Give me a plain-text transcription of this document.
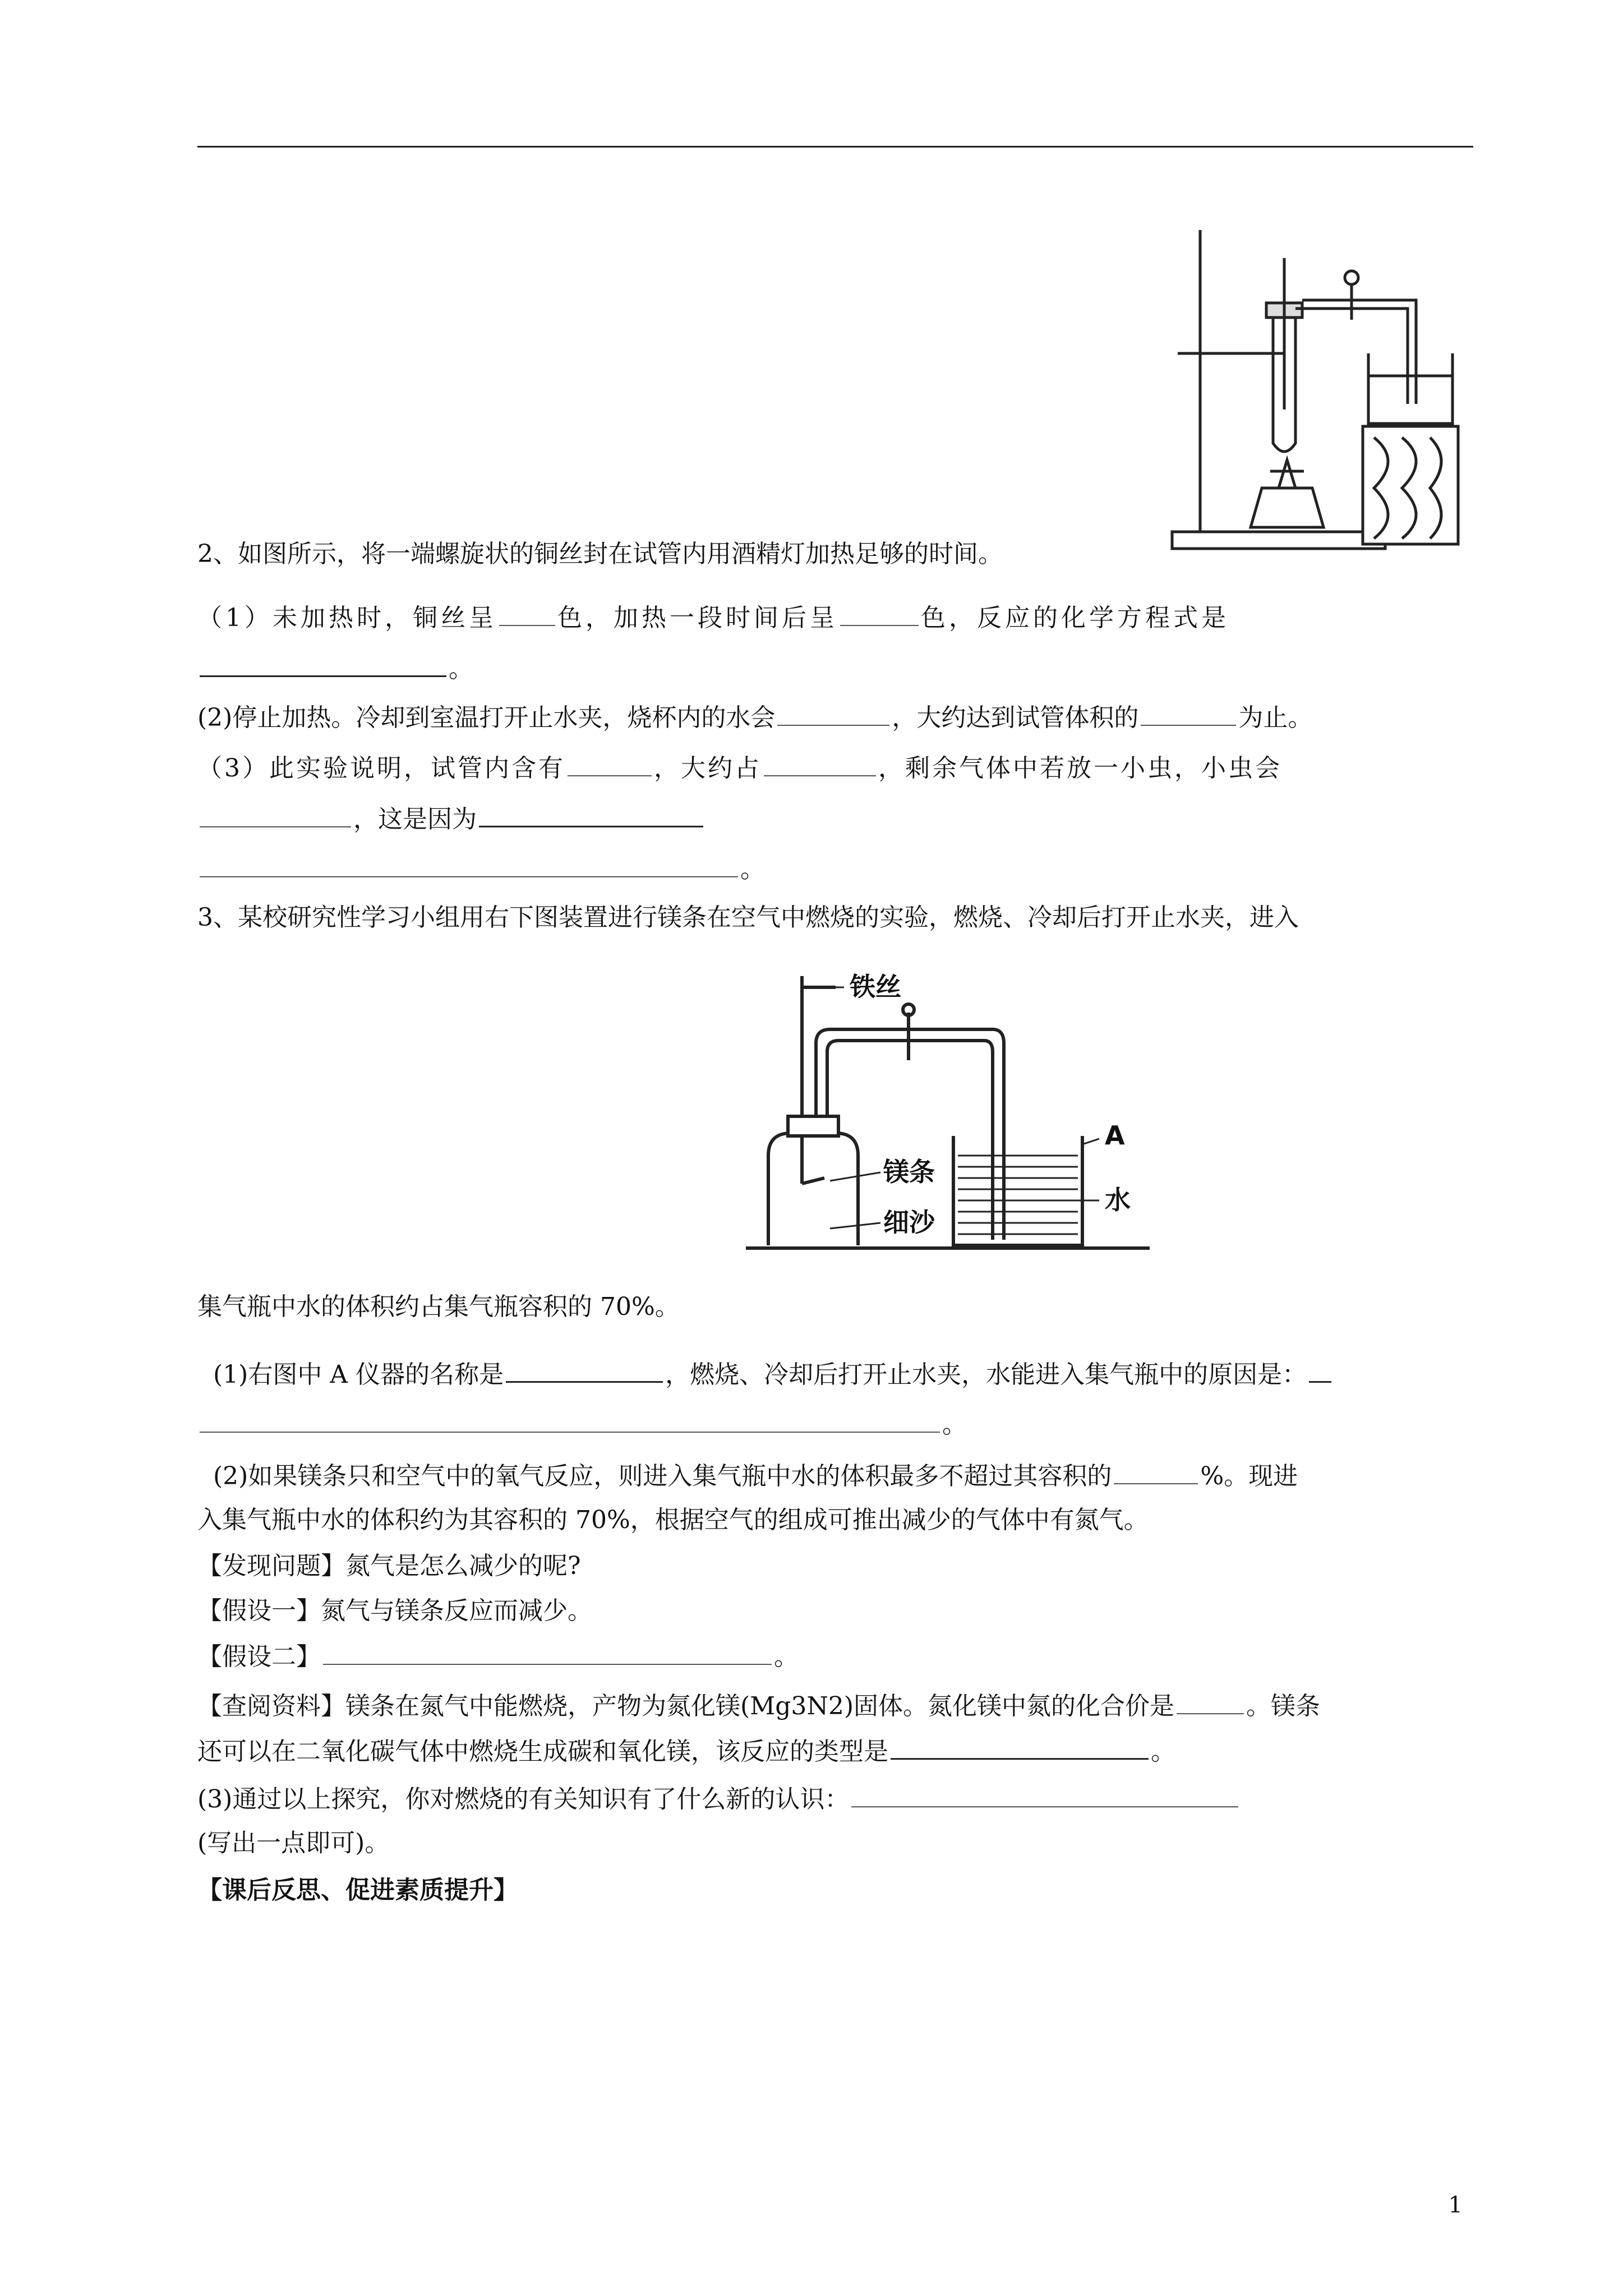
2、如图所示，将一端螺旋状的铜丝封在试管内用酒精灯加热足够的时间。
（1）未加热时，铜丝呈 色，加热一段时间后呈	色，反应的化学方程式是
。
(2)停止加热。冷却到室温打开止水夹，烧杯内的水会	，大约达到试管体积的	为止。
（3）此实验说明，试管内含有	，大约占	，剩余气体中若放一小虫，小虫会
，这是因为
。
3、某校研究性学习小组用右下图装置进行镁条在空气中燃烧的实验，燃烧、冷却后打开止水夹，进入
铁丝
A
水
镁条
细沙
集气瓶中水的体积约占集气瓶容积的 70%。
(1)右图中 A 仪器的名称是	，燃烧、冷却后打开止水夹，水能进入集气瓶中的原因是：
。
(2)如果镁条只和空气中的氧气反应，则进入集气瓶中水的体积最多不超过其容积的	%。现进
入集气瓶中水的体积约为其容积的 70%，根据空气的组成可推出减少的气体中有氮气。
【发现问题】氮气是怎么减少的呢?
【假设一】氮气与镁条反应而减少。
【假设二】	。
【查阅资料】镁条在氮气中能燃烧，产物为氮化镁(Mg3N2)固体。氮化镁中氮的化合价是	。镁条
还可以在二氧化碳气体中燃烧生成碳和氧化镁，该反应的类型是	。
(3)通过以上探究，你对燃烧的有关知识有了什么新的认识：
(写出一点即可)。
【课后反思、促进素质提升】
1
